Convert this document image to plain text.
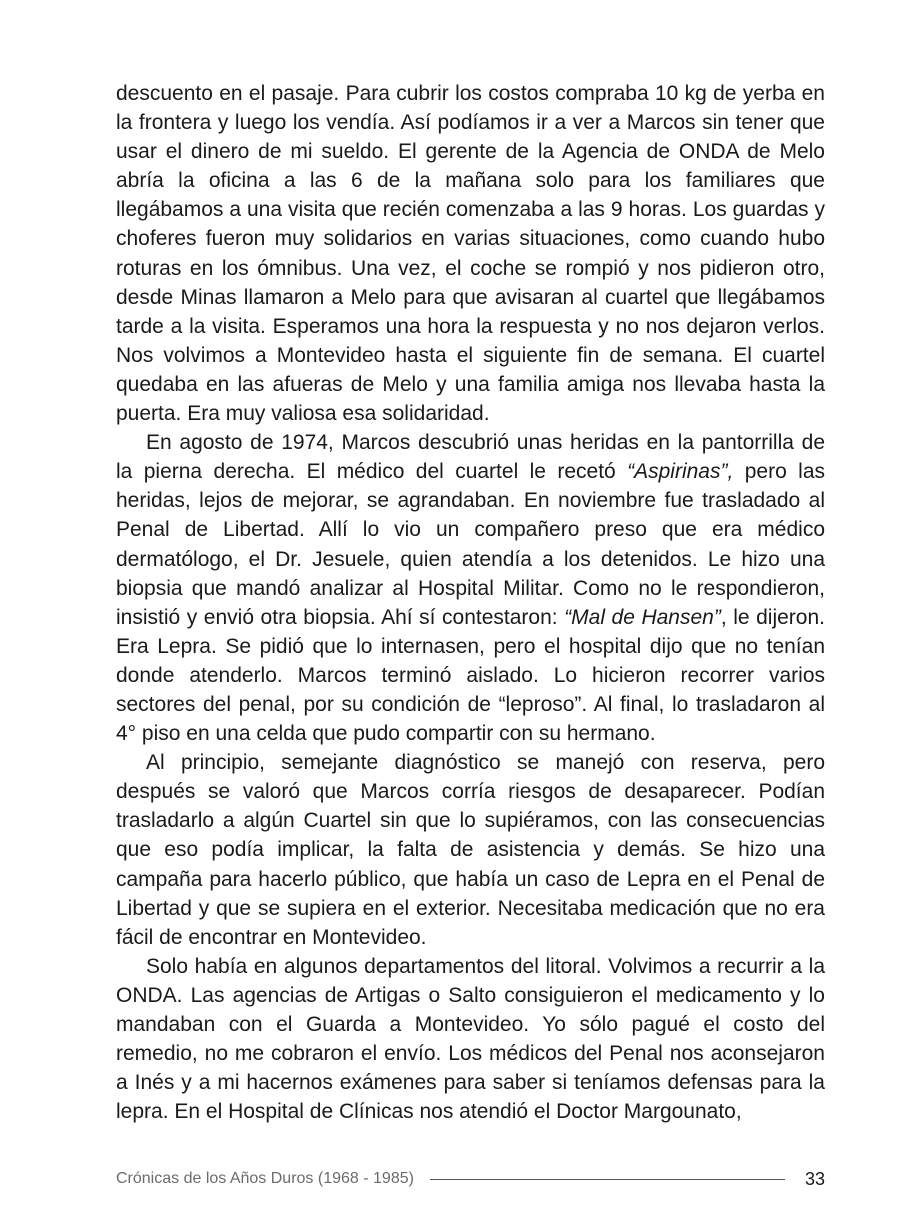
descuento en el pasaje. Para cubrir los costos compraba 10 kg de yerba en la frontera y luego los vendía. Así podíamos ir a ver a Marcos sin tener que usar el dinero de mi sueldo. El gerente de la Agencia de ONDA de Melo abría la oficina a las 6 de la mañana solo para los familiares que llegábamos a una visita que recién comenzaba a las 9 horas. Los guardas y choferes fueron muy solidarios en varias situaciones, como cuando hubo roturas en los ómnibus. Una vez, el coche se rompió y nos pidieron otro, desde Minas llamaron a Melo para que avisaran al cuartel que llegábamos tarde a la visita. Esperamos una hora la respuesta y no nos dejaron verlos. Nos volvimos a Montevideo hasta el siguiente fin de semana. El cuartel quedaba en las afueras de Melo y una familia amiga nos llevaba hasta la puerta. Era muy valiosa esa solidaridad.

En agosto de 1974, Marcos descubrió unas heridas en la pantorrilla de la pierna derecha. El médico del cuartel le recetó “Aspirinas”, pero las heridas, lejos de mejorar, se agrandaban. En noviembre fue trasladado al Penal de Libertad. Allí lo vio un compañero preso que era médico dermatólogo, el Dr. Jesuele, quien atendía a los detenidos. Le hizo una biopsia que mandó analizar al Hospital Militar. Como no le respondieron, insistió y envió otra biopsia. Ahí sí contestaron: “Mal de Hansen”, le dijeron. Era Lepra. Se pidió que lo internasen, pero el hospital dijo que no tenían donde atenderlo. Marcos terminó aislado. Lo hicieron recorrer varios sectores del penal, por su condición de “leproso”. Al final, lo trasladaron al 4° piso en una celda que pudo compartir con su hermano.

Al principio, semejante diagnóstico se manejó con reserva, pero después se valoró que Marcos corría riesgos de desaparecer. Podían trasladarlo a algún Cuartel sin que lo supiéramos, con las consecuencias que eso podía implicar, la falta de asistencia y demás. Se hizo una campaña para hacerlo público, que había un caso de Lepra en el Penal de Libertad y que se supiera en el exterior. Necesitaba medicación que no era fácil de encontrar en Montevideo.

Solo había en algunos departamentos del litoral. Volvimos a recurrir a la ONDA. Las agencias de Artigas o Salto consiguieron el medicamento y lo mandaban con el Guarda a Montevideo. Yo sólo pagué el costo del remedio, no me cobraron el envío. Los médicos del Penal nos aconsejaron a Inés y a mi hacernos exámenes para saber si teníamos defensas para la lepra. En el Hospital de Clínicas nos atendió el Doctor Margounato,

Crónicas de los Años Duros (1968 - 1985)	33
